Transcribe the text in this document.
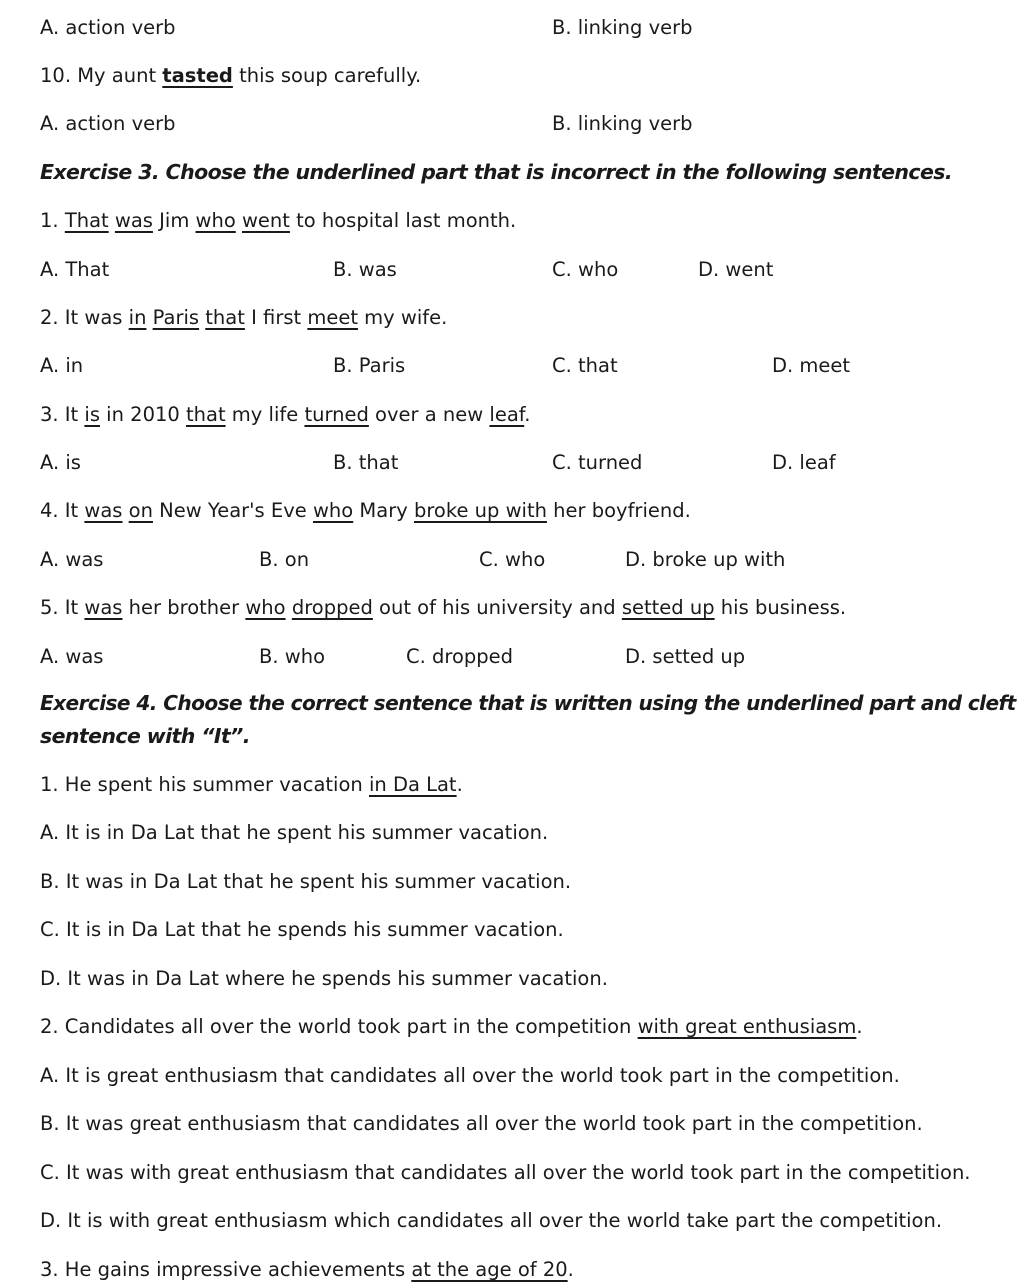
A. action verb	B. linking verb
10. My aunt tasted this soup carefully.
A. action verb	B. linking verb
Exercise 3. Choose the underlined part that is incorrect in the following sentences.
1. That was Jim who went to hospital last month.
A. That	B. was	C. who	D. went
2. It was in Paris that I first meet my wife.
A. in	B. Paris	C. that	D. meet
3. It is in 2010 that my life turned over a new leaf.
A. is	B. that	C. turned	D. leaf
4. It was on New Year's Eve who Mary broke up with her boyfriend.
A. was	B. on	C. who	D. broke up with
5. It was her brother who dropped out of his university and setted up his business.
A. was	B. who	C. dropped	D. setted up
Exercise 4. Choose the correct sentence that is written using the underlined part and cleft
sentence with “It”.
1. He spent his summer vacation in Da Lat.
A. It is in Da Lat that he spent his summer vacation.
B. It was in Da Lat that he spent his summer vacation.
C. It is in Da Lat that he spends his summer vacation.
D. It was in Da Lat where he spends his summer vacation.
2. Candidates all over the world took part in the competition with great enthusiasm.
A. It is great enthusiasm that candidates all over the world took part in the competition.
B. It was great enthusiasm that candidates all over the world took part in the competition.
C. It was with great enthusiasm that candidates all over the world took part in the competition.
D. It is with great enthusiasm which candidates all over the world take part the competition.
3. He gains impressive achievements at the age of 20.
